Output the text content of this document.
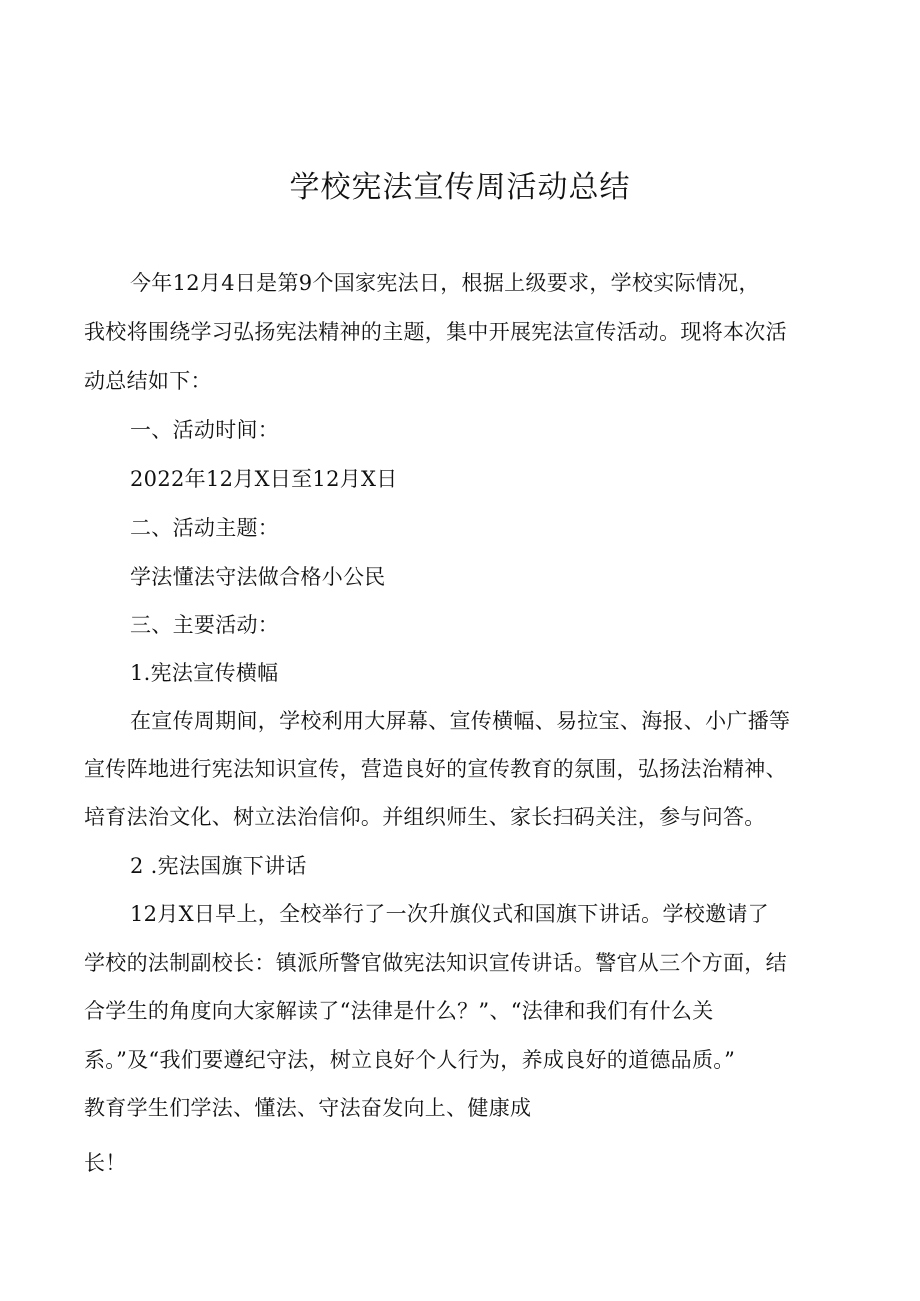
学校宪法宣传周活动总结
今年12月4日是第9个国家宪法日，根据上级要求，学校实际情况，
我校将围绕学习弘扬宪法精神的主题，集中开展宪法宣传活动。现将本次活
动总结如下：
一、活动时间：
2022年12月X日至12月X日
二、活动主题：
学法懂法守法做合格小公民
三、主要活动：
1.宪法宣传横幅
在宣传周期间，学校利用大屏幕、宣传横幅、易拉宝、海报、小广播等
宣传阵地进行宪法知识宣传，营造良好的宣传教育的氛围，弘扬法治精神、
培育法治文化、树立法治信仰。并组织师生、家长扫码关注，参与问答。
2 .宪法国旗下讲话
12月X日早上，全校举行了一次升旗仪式和国旗下讲话。学校邀请了
学校的法制副校长：镇派所警官做宪法知识宣传讲话。警官从三个方面，结
合学生的角度向大家解读了“法律是什么？”、“法律和我们有什么关
系。”及“我们要遵纪守法，树立良好个人行为，养成良好的道德品质。”
教育学生们学法、懂法、守法奋发向上、健康成
长！
